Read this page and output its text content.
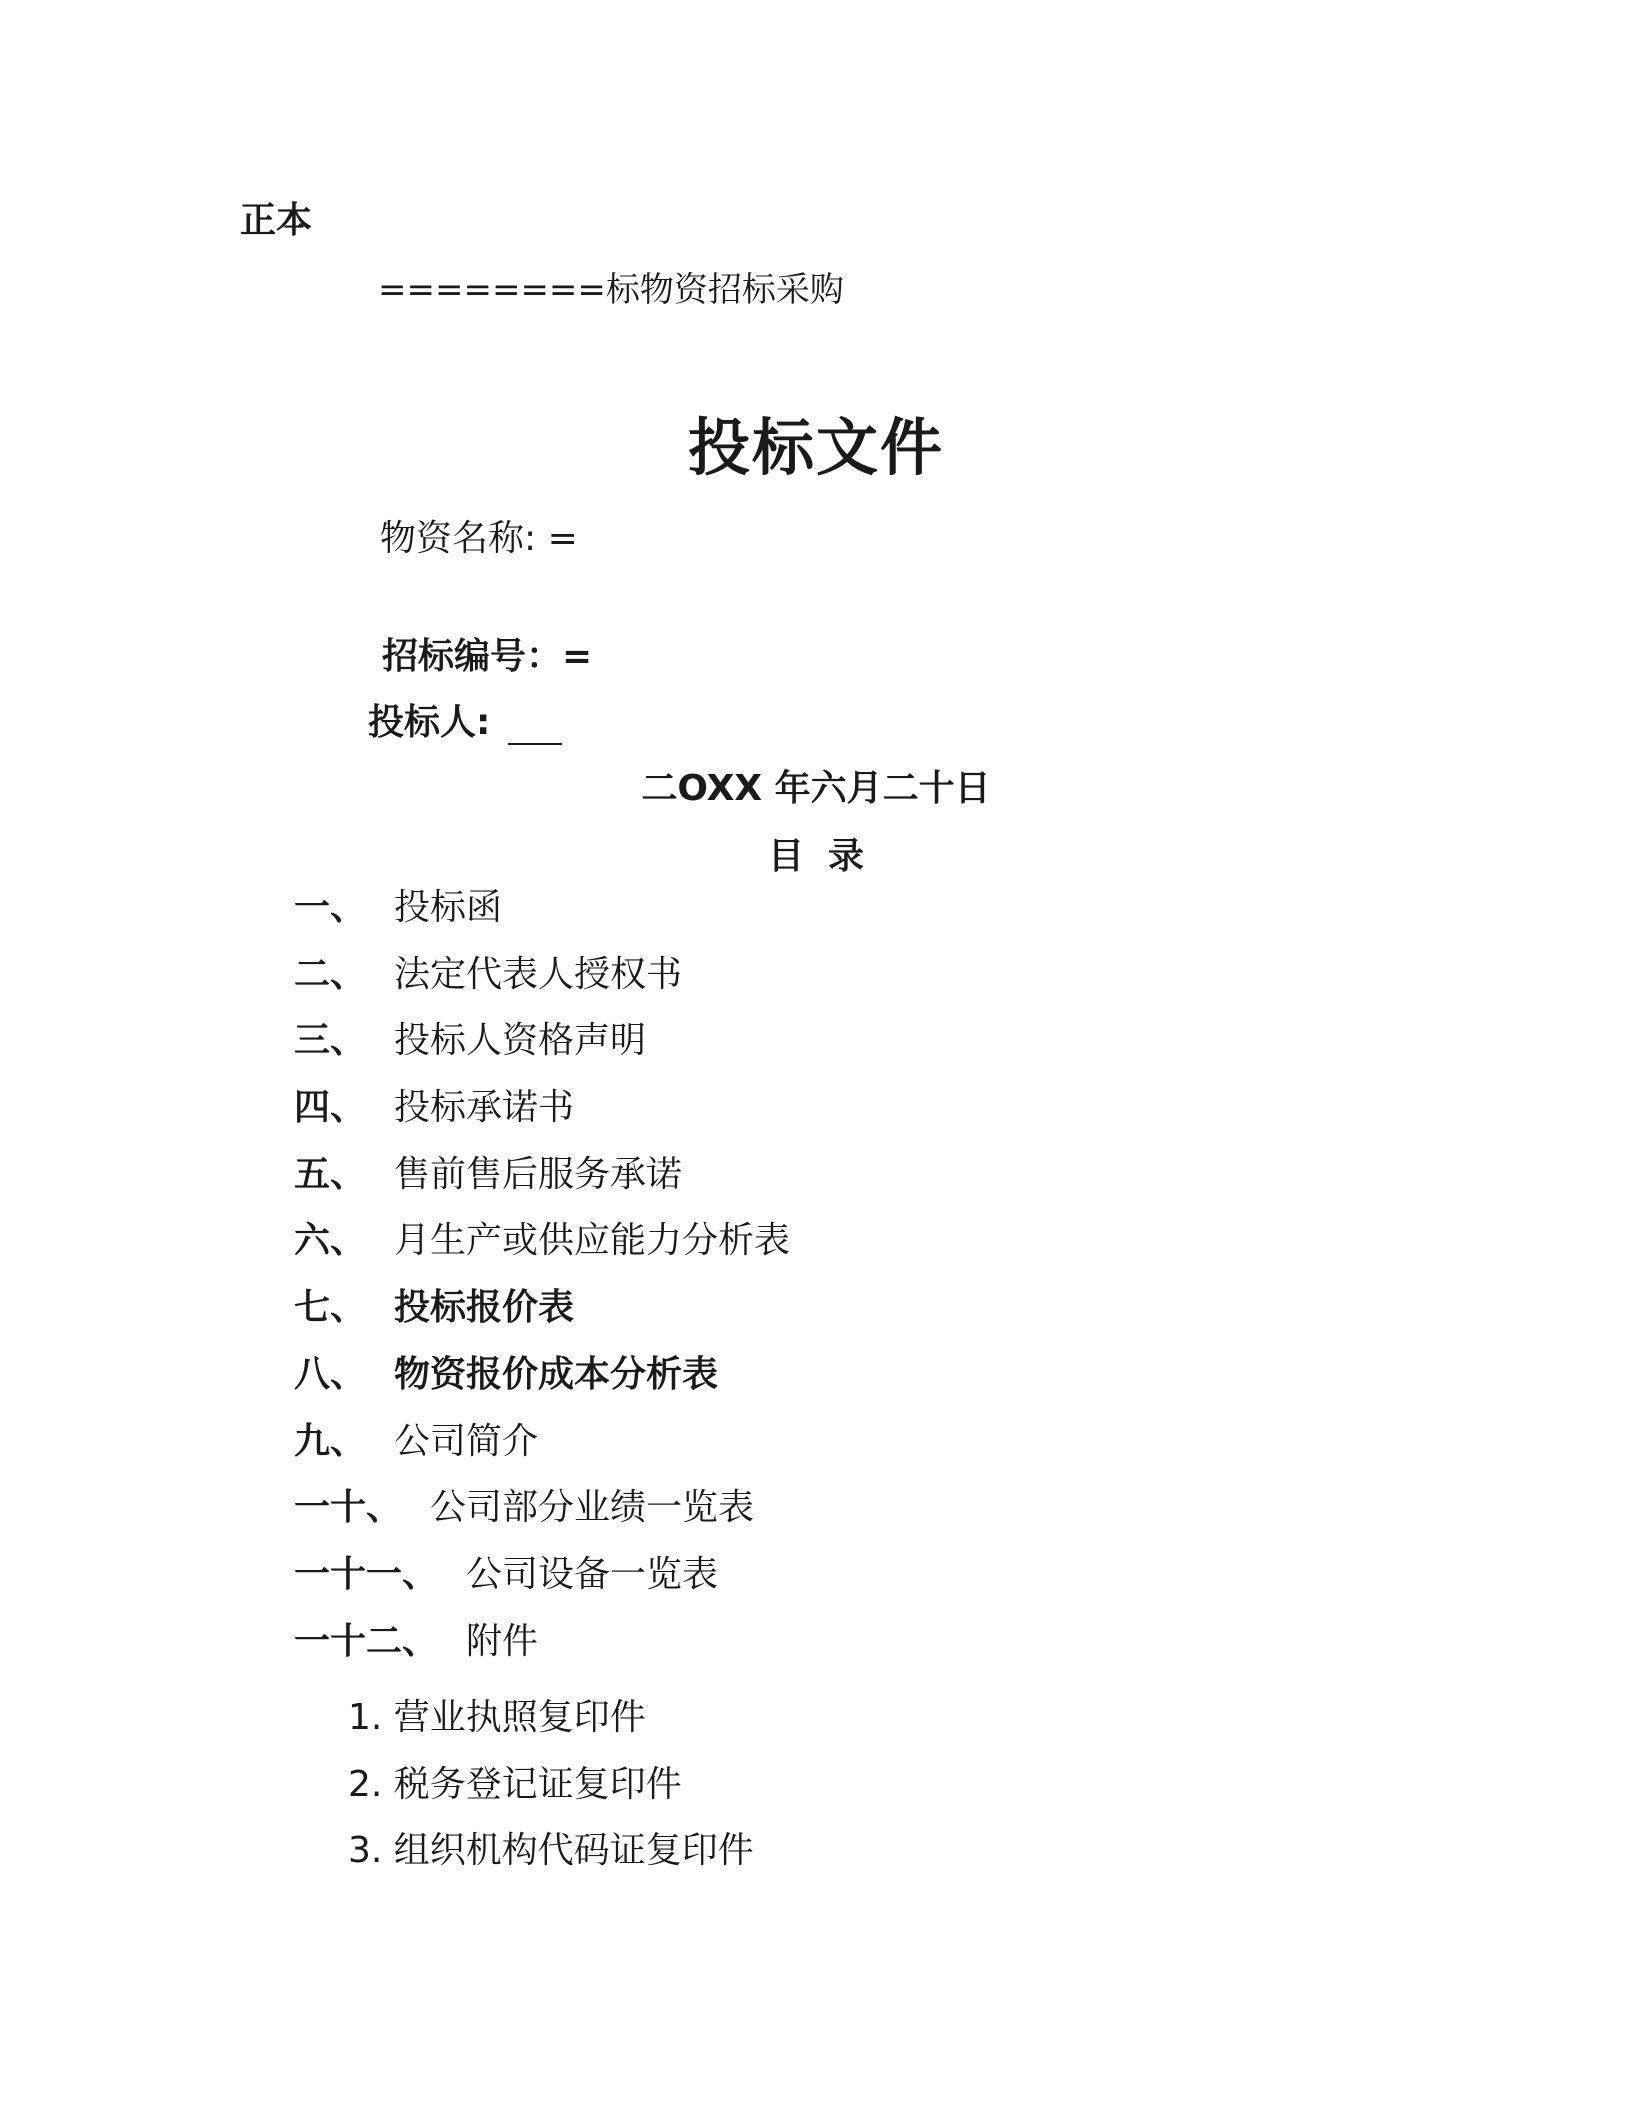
正本
========标物资招标采购
投标文件
物资名称: =
招标编号：=
投标人:
二OXX 年六月二十日
目录
一、 投标函
二、 法定代表人授权书
三、 投标人资格声明
四、 投标承诺书
五、 售前售后服务承诺
六、 月生产或供应能力分析表
七、 投标报价表
八、 物资报价成本分析表
九、 公司简介
一十、 公司部分业绩一览表
一十一、 公司设备一览表
一十二、 附件
1. 营业执照复印件
2. 税务登记证复印件
3. 组织机构代码证复印件
